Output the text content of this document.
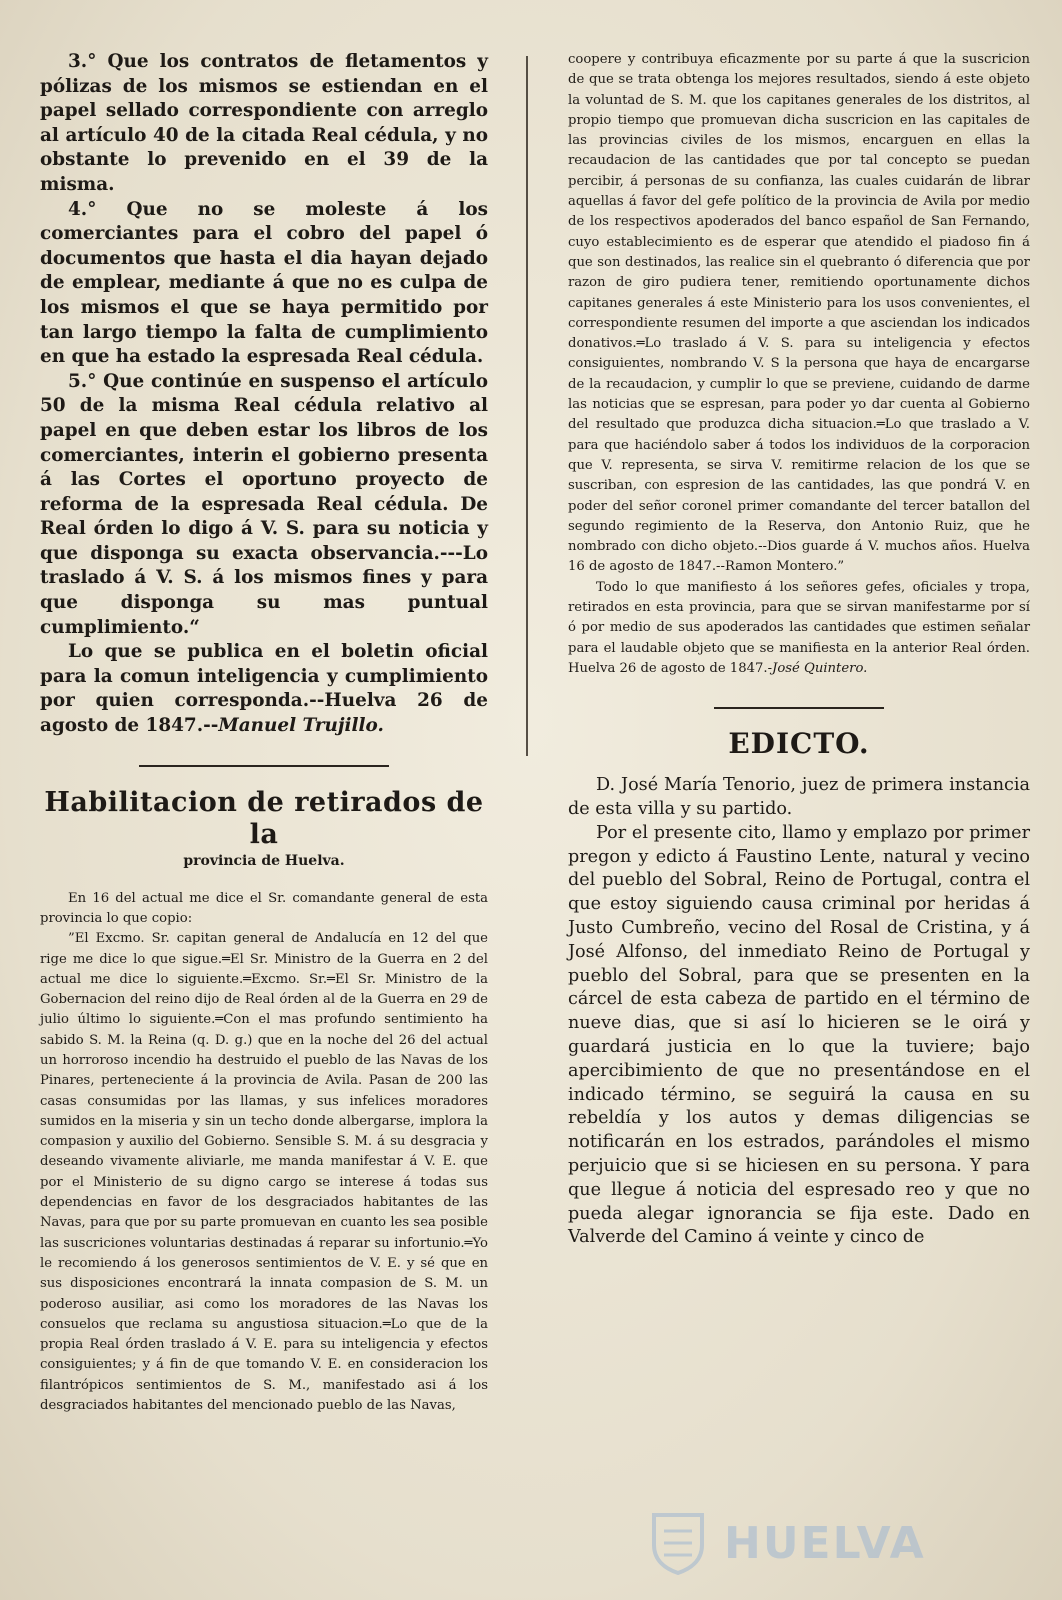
3.° Que los contratos de fletamentos y pólizas de los mismos se estiendan en el papel sellado correspondiente con arreglo al artículo 40 de la citada Real cédula, y no obstante lo prevenido en el 39 de la misma.

4.° Que no se moleste á los comerciantes para el cobro del papel ó documentos que hasta el dia hayan dejado de emplear, mediante á que no es culpa de los mismos el que se haya permitido por tan largo tiempo la falta de cumplimiento en que ha estado la espresada Real cédula.

5.° Que continúe en suspenso el artículo 50 de la misma Real cédula relativo al papel en que deben estar los libros de los comerciantes, interin el gobierno presenta á las Cortes el oportuno proyecto de reforma de la espresada Real cédula. De Real órden lo digo á V. S. para su noticia y que disponga su exacta observancia.---Lo traslado á V. S. á los mismos fines y para que disponga su mas puntual cumplimiento.“

Lo que se publica en el boletin oficial para la comun inteligencia y cumplimiento por quien corresponda.--Huelva 26 de agosto de 1847.--Manuel Trujillo.

Habilitacion de retirados de la
provincia de Huelva.

En 16 del actual me dice el Sr. comandante general de esta provincia lo que copio:

”El Excmo. Sr. capitan general de Andalucía en 12 del que rige me dice lo que sigue.═El Sr. Ministro de la Guerra en 2 del actual me dice lo siguiente.═Excmo. Sr.═El Sr. Ministro de la Gobernacion del reino dijo de Real órden al de la Guerra en 29 de julio último lo siguiente.═Con el mas profundo sentimiento ha sabido S. M. la Reina (q. D. g.) que en la noche del 26 del actual un horroroso incendio ha destruido el pueblo de las Navas de los Pinares, perteneciente á la provincia de Avila. Pasan de 200 las casas consumidas por las llamas, y sus infelices moradores sumidos en la miseria y sin un techo donde albergarse, implora la compasion y auxilio del Gobierno. Sensible S. M. á su desgracia y deseando vivamente aliviarle, me manda manifestar á V. E. que por el Ministerio de su digno cargo se interese á todas sus dependencias en favor de los desgraciados habitantes de las Navas, para que por su parte promuevan en cuanto les sea posible las suscriciones voluntarias destinadas á reparar su infortunio.═Yo le recomiendo á los generosos sentimientos de V. E. y sé que en sus disposiciones encontrará la innata compasion de S. M. un poderoso ausiliar, asi como los moradores de las Navas los consuelos que reclama su angustiosa situacion.═Lo que de la propia Real órden traslado á V. E. para su inteligencia y efectos consiguientes; y á fin de que tomando V. E. en consideracion los filantrópicos sentimientos de S. M., manifestado asi á los desgraciados habitantes del mencionado pueblo de las Navas,

coopere y contribuya eficazmente por su parte á que la suscricion de que se trata obtenga los mejores resultados, siendo á este objeto la voluntad de S. M. que los capitanes generales de los distritos, al propio tiempo que promuevan dicha suscricion en las capitales de las provincias civiles de los mismos, encarguen en ellas la recaudacion de las cantidades que por tal concepto se puedan percibir, á personas de su confianza, las cuales cuidarán de librar aquellas á favor del gefe político de la provincia de Avila por medio de los respectivos apoderados del banco español de San Fernando, cuyo establecimiento es de esperar que atendido el piadoso fin á que son destinados, las realice sin el quebranto ó diferencia que por razon de giro pudiera tener, remitiendo oportunamente dichos capitanes generales á este Ministerio para los usos convenientes, el correspondiente resumen del importe a que asciendan los indicados donativos.═Lo traslado á V. S. para su inteligencia y efectos consiguientes, nombrando V. S la persona que haya de encargarse de la recaudacion, y cumplir lo que se previene, cuidando de darme las noticias que se espresan, para poder yo dar cuenta al Gobierno del resultado que produzca dicha situacion.═Lo que traslado a V. para que haciéndolo saber á todos los individuos de la corporacion que V. representa, se sirva V. remitirme relacion de los que se suscriban, con espresion de las cantidades, las que pondrá V. en poder del señor coronel primer comandante del tercer batallon del segundo regimiento de la Reserva, don Antonio Ruiz, que he nombrado con dicho objeto.--Dios guarde á V. muchos años. Huelva 16 de agosto de 1847.--Ramon Montero.”

Todo lo que manifiesto á los señores gefes, oficiales y tropa, retirados en esta provincia, para que se sirvan manifestarme por sí ó por medio de sus apoderados las cantidades que estimen señalar para el laudable objeto que se manifiesta en la anterior Real órden. Huelva 26 de agosto de 1847.-José Quintero.

EDICTO.

D. José María Tenorio, juez de primera instancia de esta villa y su partido.

Por el presente cito, llamo y emplazo por primer pregon y edicto á Faustino Lente, natural y vecino del pueblo del Sobral, Reino de Portugal, contra el que estoy siguiendo causa criminal por heridas á Justo Cumbreño, vecino del Rosal de Cristina, y á José Alfonso, del inmediato Reino de Portugal y pueblo del Sobral, para que se presenten en la cárcel de esta cabeza de partido en el término de nueve dias, que si así lo hicieren se le oirá y guardará justicia en lo que la tuviere; bajo apercibimiento de que no presentándose en el indicado término, se seguirá la causa en su rebeldía y los autos y demas diligencias se notificarán en los estrados, parándoles el mismo perjuicio que si se hiciesen en su persona. Y para que llegue á noticia del espresado reo y que no pueda alegar ignorancia se fija este. Dado en Valverde del Camino á veinte y cinco de

HUELVA
